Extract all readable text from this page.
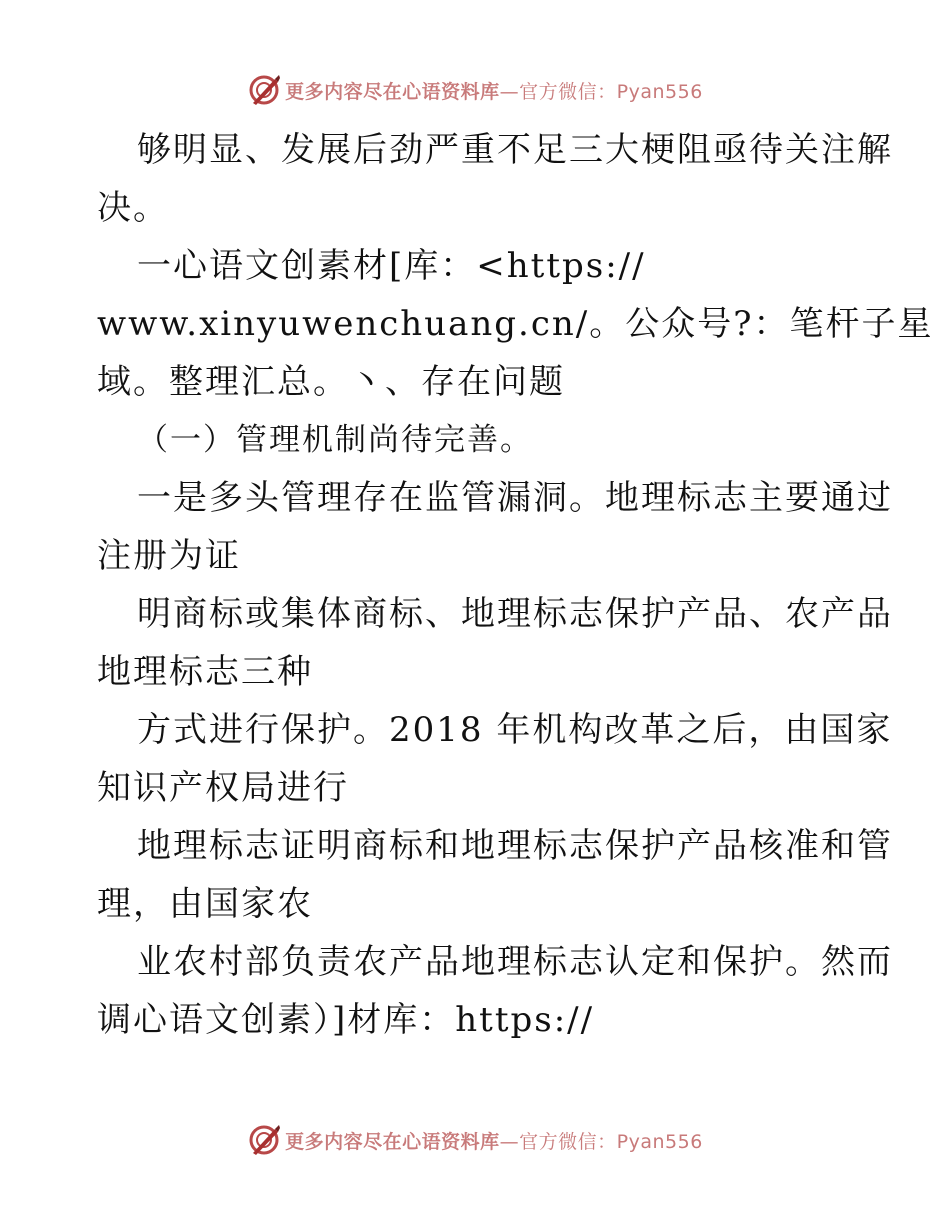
更多内容尽在心语资料库—官方微信：Pyan556
够明显、发展后劲严重不足三大梗阻亟待关注解
决。
一心语文创素材[库：<https://
www.xinyuwenchuang.cn/。公众号?：笔杆子星
域。整理汇总。丶、存在问题
（一）管理机制尚待完善。
一是多头管理存在监管漏洞。地理标志主要通过
注册为证
明商标或集体商标、地理标志保护产品、农产品
地理标志三种
方式进行保护。2018 年机构改革之后，由国家
知识产权局进行
地理标志证明商标和地理标志保护产品核准和管
理，由国家农
业农村部负责农产品地理标志认定和保护。然而
调心语文创素）]材库：https://
更多内容尽在心语资料库—官方微信：Pyan556
